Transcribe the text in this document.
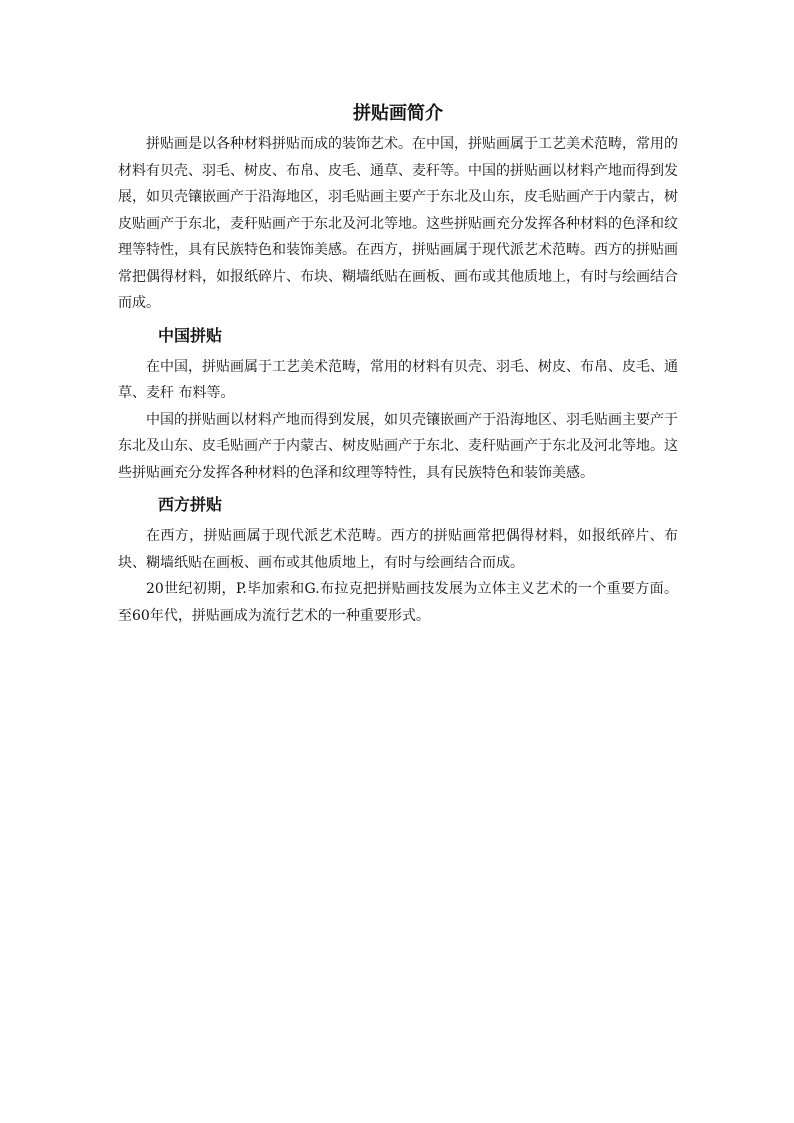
拼贴画简介

拼贴画是以各种材料拼贴而成的装饰艺术。在中国，拼贴画属于工艺美术范畴，常用的材料有贝壳、羽毛、树皮、布帛、皮毛、通草、麦秆等。中国的拼贴画以材料产地而得到发展，如贝壳镶嵌画产于沿海地区，羽毛贴画主要产于东北及山东，皮毛贴画产于内蒙古，树皮贴画产于东北，麦秆贴画产于东北及河北等地。这些拼贴画充分发挥各种材料的色泽和纹理等特性，具有民族特色和装饰美感。在西方，拼贴画属于现代派艺术范畴。西方的拼贴画常把偶得材料，如报纸碎片、布块、糊墙纸贴在画板、画布或其他质地上，有时与绘画结合而成。

中国拼贴

在中国，拼贴画属于工艺美术范畴，常用的材料有贝壳、羽毛、树皮、布帛、皮毛、通草、麦秆 布料等。

中国的拼贴画以材料产地而得到发展，如贝壳镶嵌画产于沿海地区、羽毛贴画主要产于东北及山东、皮毛贴画产于内蒙古、树皮贴画产于东北、麦秆贴画产于东北及河北等地。这些拼贴画充分发挥各种材料的色泽和纹理等特性，具有民族特色和装饰美感。

西方拼贴

在西方，拼贴画属于现代派艺术范畴。西方的拼贴画常把偶得材料，如报纸碎片、布块、糊墙纸贴在画板、画布或其他质地上，有时与绘画结合而成。

20世纪初期，P.毕加索和G.布拉克把拼贴画技发展为立体主义艺术的一个重要方面。至60年代，拼贴画成为流行艺术的一种重要形式。
